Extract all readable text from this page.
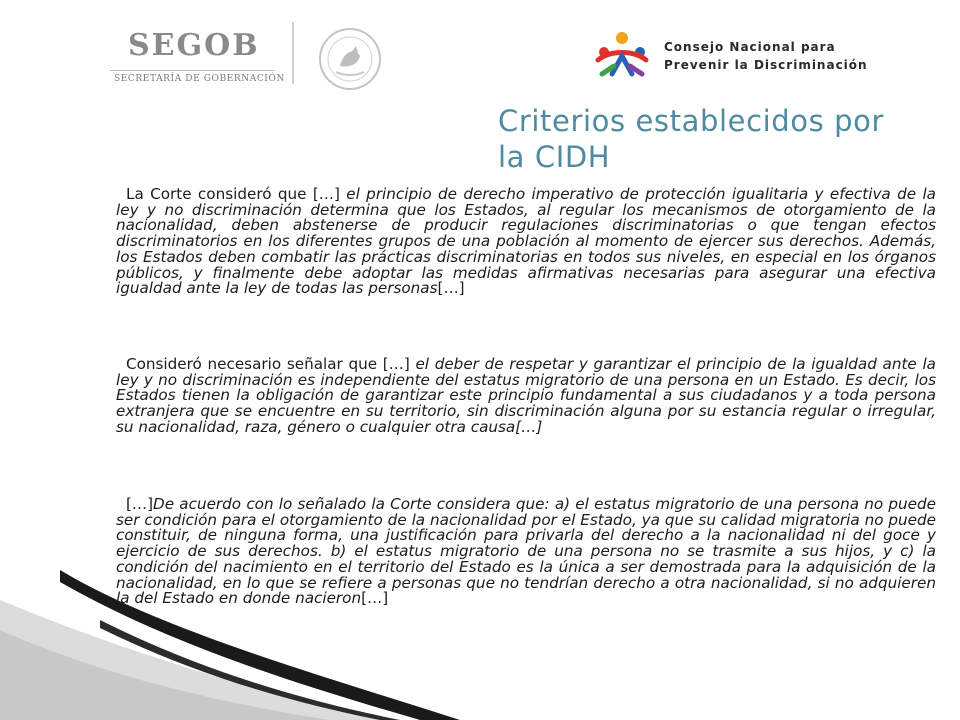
SEGOB
SECRETARÍA DE GOBERNACIÓN
Consejo Nacional para
Prevenir la Discriminación
Criterios establecidos por
la CIDH
La Corte consideró que […] el principio de derecho imperativo de protección igualitaria y efectiva de la ley y no discriminación determina que los Estados, al regular los mecanismos de otorgamiento de la nacionalidad, deben abstenerse de producir regulaciones discriminatorias o que tengan efectos discriminatorios en los diferentes grupos de una población al momento de ejercer sus derechos. Además, los Estados deben combatir las prácticas discriminatorias en todos sus niveles, en especial en los órganos públicos, y finalmente debe adoptar las medidas afirmativas necesarias para asegurar una efectiva igualdad ante la ley de todas las personas[…]
Consideró necesario señalar que […] el deber de respetar y garantizar el principio de la igualdad ante la ley y no discriminación es independiente del estatus migratorio de una persona en un Estado. Es decir, los Estados tienen la obligación de garantizar este principio fundamental a sus ciudadanos y a toda persona extranjera que se encuentre en su territorio, sin discriminación alguna por su estancia regular o irregular, su nacionalidad, raza, género o cualquier otra causa[…]
[…]De acuerdo con lo señalado la Corte considera que: a) el estatus migratorio de una persona no puede ser condición para el otorgamiento de la nacionalidad por el Estado, ya que su calidad migratoria no puede constituir, de ninguna forma, una justificación para privarla del derecho a la nacionalidad ni del goce y ejercicio de sus derechos. b) el estatus migratorio de una persona no se trasmite a sus hijos, y c) la condición del nacimiento en el territorio del Estado es la única a ser demostrada para la adquisición de la nacionalidad, en lo que se refiere a personas que no tendrían derecho a otra nacionalidad, si no adquieren la del Estado en donde nacieron[…]
